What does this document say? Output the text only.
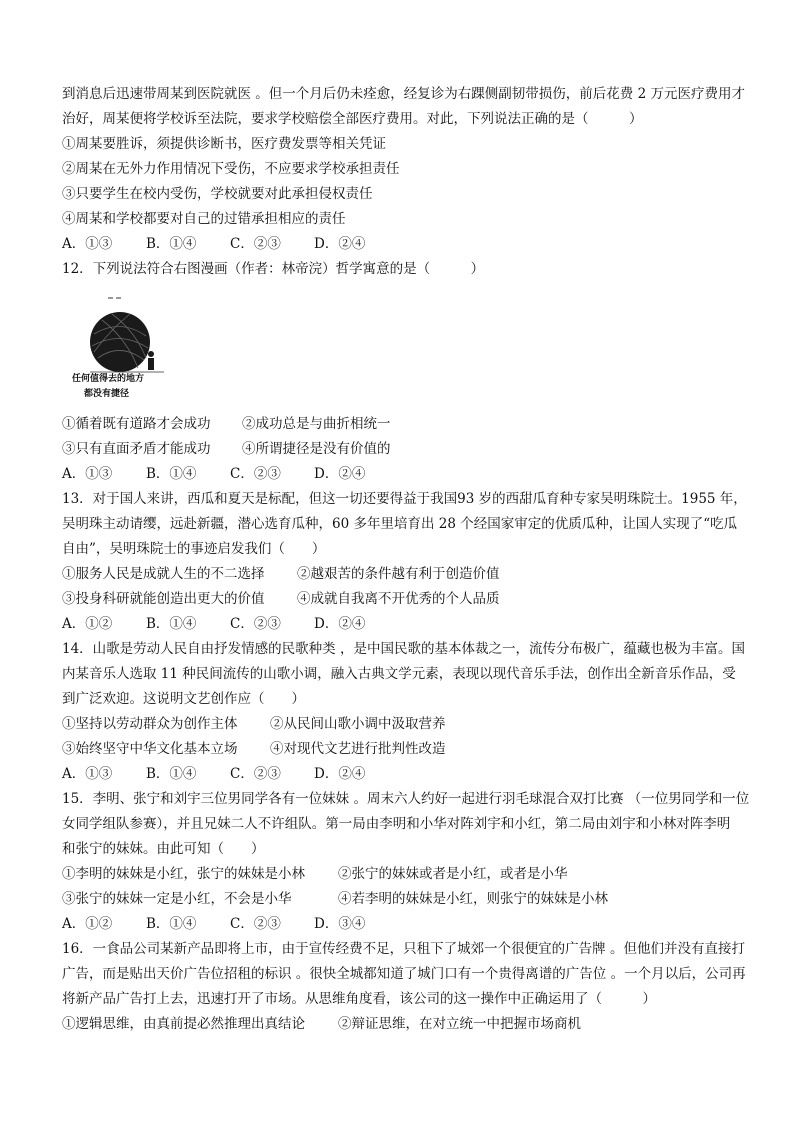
到消息后迅速带周某到医院就医 。但一个月后仍未痊愈，经复诊为右踝侧副韧带损伤，前后花费 2 万元医疗费用才
治好，周某便将学校诉至法院，要求学校赔偿全部医疗费用。对此，下列说法正确的是（　　　）
①周某要胜诉，须提供诊断书，医疗费发票等相关凭证
②周某在无外力作用情况下受伤，不应要求学校承担责任
③只要学生在校内受伤，学校就要对此承担侵权责任
④周某和学校都要对自己的过错承担相应的责任
A．①③	B．①④ C．②③ D．②④
12．下列说法符合右图漫画（作者：林帝浣）哲学寓意的是（　　　）
任何值得去的地方
都没有捷径
①循着既有道路才会成功 ②成功总是与曲折相统一
③只有直面矛盾才能成功 ④所谓捷径是没有价值的
A．①③	B．①④ C．②③ D．②④
13．对于国人来讲，西瓜和夏天是标配，但这一切还要得益于我国93 岁的西甜瓜育种专家吴明珠院士。1955 年，
吴明珠主动请缨，远赴新疆，潜心选育瓜种，60 多年里培育出 28 个经国家审定的优质瓜种，让国人实现了“吃瓜
自由”，吴明珠院士的事迹启发我们（　　）
①服务人民是成就人生的不二选择 ②越艰苦的条件越有利于创造价值
③投身科研就能创造出更大的价值 ④成就自我离不开优秀的个人品质
A．①②	B．①④ C．②③ D．②④
14．山歌是劳动人民自由抒发情感的民歌种类 ，是中国民歌的基本体裁之一，流传分布极广，蕴藏也极为丰富。国
内某音乐人选取 11 种民间流传的山歌小调，融入古典文学元素，表现以现代音乐手法，创作出全新音乐作品，受
到广泛欢迎。这说明文艺创作应（　　）
①坚持以劳动群众为创作主体 ②从民间山歌小调中汲取营养
③始终坚守中华文化基本立场 ④对现代文艺进行批判性改造
A．①③	B．①④ C．②③ D．②④
15．李明、张宁和刘宇三位男同学各有一位妹妹 。周末六人约好一起进行羽毛球混合双打比赛 （一位男同学和一位
女同学组队参赛），并且兄妹二人不许组队。第一局由李明和小华对阵刘宇和小红，第二局由刘宇和小林对阵李明
和张宁的妹妹。由此可知（　　）
①李明的妹妹是小红，张宁的妹妹是小林 ②张宁的妹妹或者是小红，或者是小华
③张宁的妹妹一定是小红，不会是小华	④若李明的妹妹是小红，则张宁的妹妹是小林
A．①②	B．①④ C．②③ D．③④
16．一食品公司某新产品即将上市，由于宣传经费不足，只租下了城郊一个很便宜的广告牌 。但他们并没有直接打
广告，而是贴出天价广告位招租的标识 。很快全城都知道了城门口有一个贵得离谱的广告位 。一个月以后，公司再
将新产品广告打上去，迅速打开了市场。从思维角度看，该公司的这一操作中正确运用了（　　　）
①逻辑思维，由真前提必然推理出真结论 ②辩证思维，在对立统一中把握市场商机
